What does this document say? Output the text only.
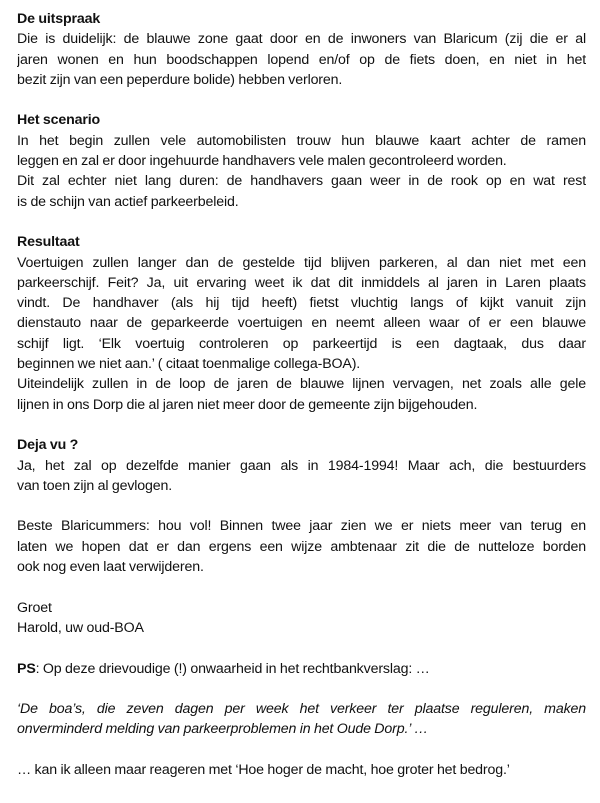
De uitspraak
Die is duidelijk: de blauwe zone gaat door en de inwoners van Blaricum (zij die er al
jaren wonen en hun boodschappen lopend en/of op de fiets doen, en niet in het
bezit zijn van een peperdure bolide) hebben verloren.
Het scenario
In het begin zullen vele automobilisten trouw hun blauwe kaart achter de ramen
leggen en zal er door ingehuurde handhavers vele malen gecontroleerd worden.
Dit zal echter niet lang duren: de handhavers gaan weer in de rook op en wat rest
is de schijn van actief parkeerbeleid.
Resultaat
Voertuigen zullen langer dan de gestelde tijd blijven parkeren, al dan niet met een
parkeerschijf. Feit? Ja, uit ervaring weet ik dat dit inmiddels al jaren in Laren plaats
vindt. De handhaver (als hij tijd heeft) fietst vluchtig langs of kijkt vanuit zijn
dienstauto naar de geparkeerde voertuigen en neemt alleen waar of er een blauwe
schijf ligt. ‘Elk voertuig controleren op parkeertijd is een dagtaak, dus daar
beginnen we niet aan.’ ( citaat toenmalige collega-BOA).
Uiteindelijk zullen in de loop de jaren de blauwe lijnen vervagen, net zoals alle gele
lijnen in ons Dorp die al jaren niet meer door de gemeente zijn bijgehouden.
Deja vu ?
Ja, het zal op dezelfde manier gaan als in 1984-1994! Maar ach, die bestuurders
van toen zijn al gevlogen.
Beste Blaricummers: hou vol! Binnen twee jaar zien we er niets meer van terug en
laten we hopen dat er dan ergens een wijze ambtenaar zit die de nutteloze borden
ook nog even laat verwijderen.
Groet
Harold, uw oud-BOA
PS: Op deze drievoudige (!) onwaarheid in het rechtbankverslag: …
‘De boa’s, die zeven dagen per week het verkeer ter plaatse reguleren, maken
onverminderd melding van parkeerproblemen in het Oude Dorp.’ …
… kan ik alleen maar reageren met ‘Hoe hoger de macht, hoe groter het bedrog.’
